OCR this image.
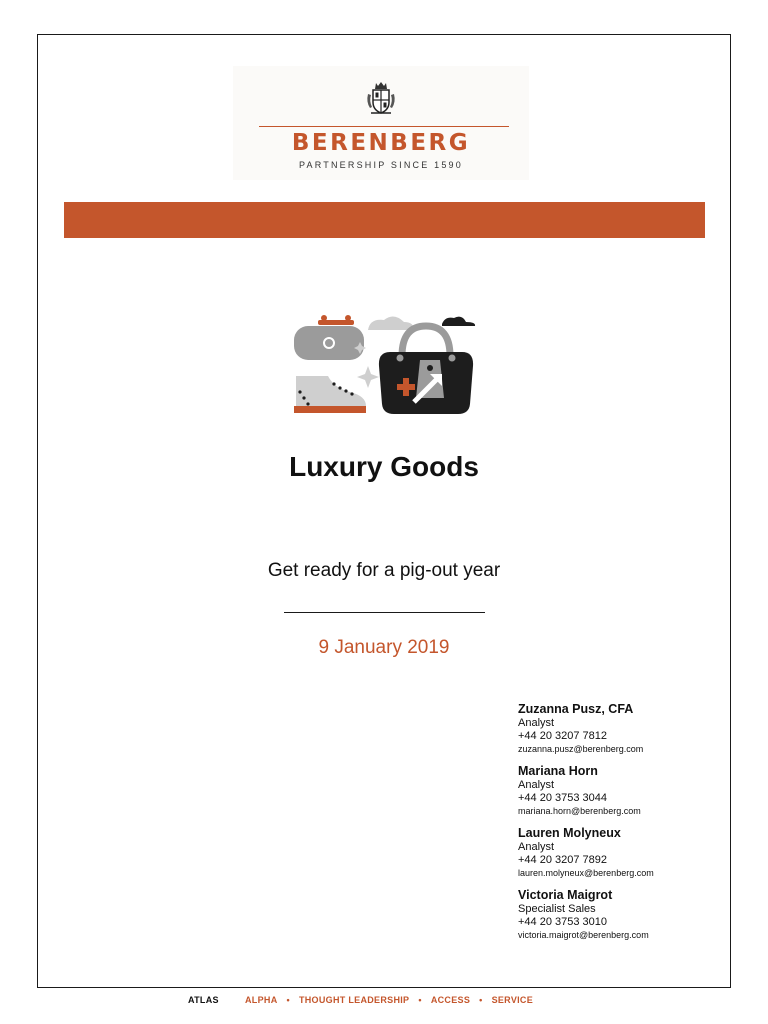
BERENBERG
PARTNERSHIP SINCE 1590
Luxury Goods
Get ready for a pig-out year
9 January 2019
Zuzanna Pusz, CFA
Analyst
+44 20 3207 7812
zuzanna.pusz@berenberg.com
Mariana Horn
Analyst
+44 20 3753 3044
mariana.horn@berenberg.com
Lauren Molyneux
Analyst
+44 20 3207 7892
lauren.molyneux@berenberg.com
Victoria Maigrot
Specialist Sales
+44 20 3753 3010
victoria.maigrot@berenberg.com
ATLAS	ALPHA • THOUGHT LEADERSHIP • ACCESS • SERVICE
